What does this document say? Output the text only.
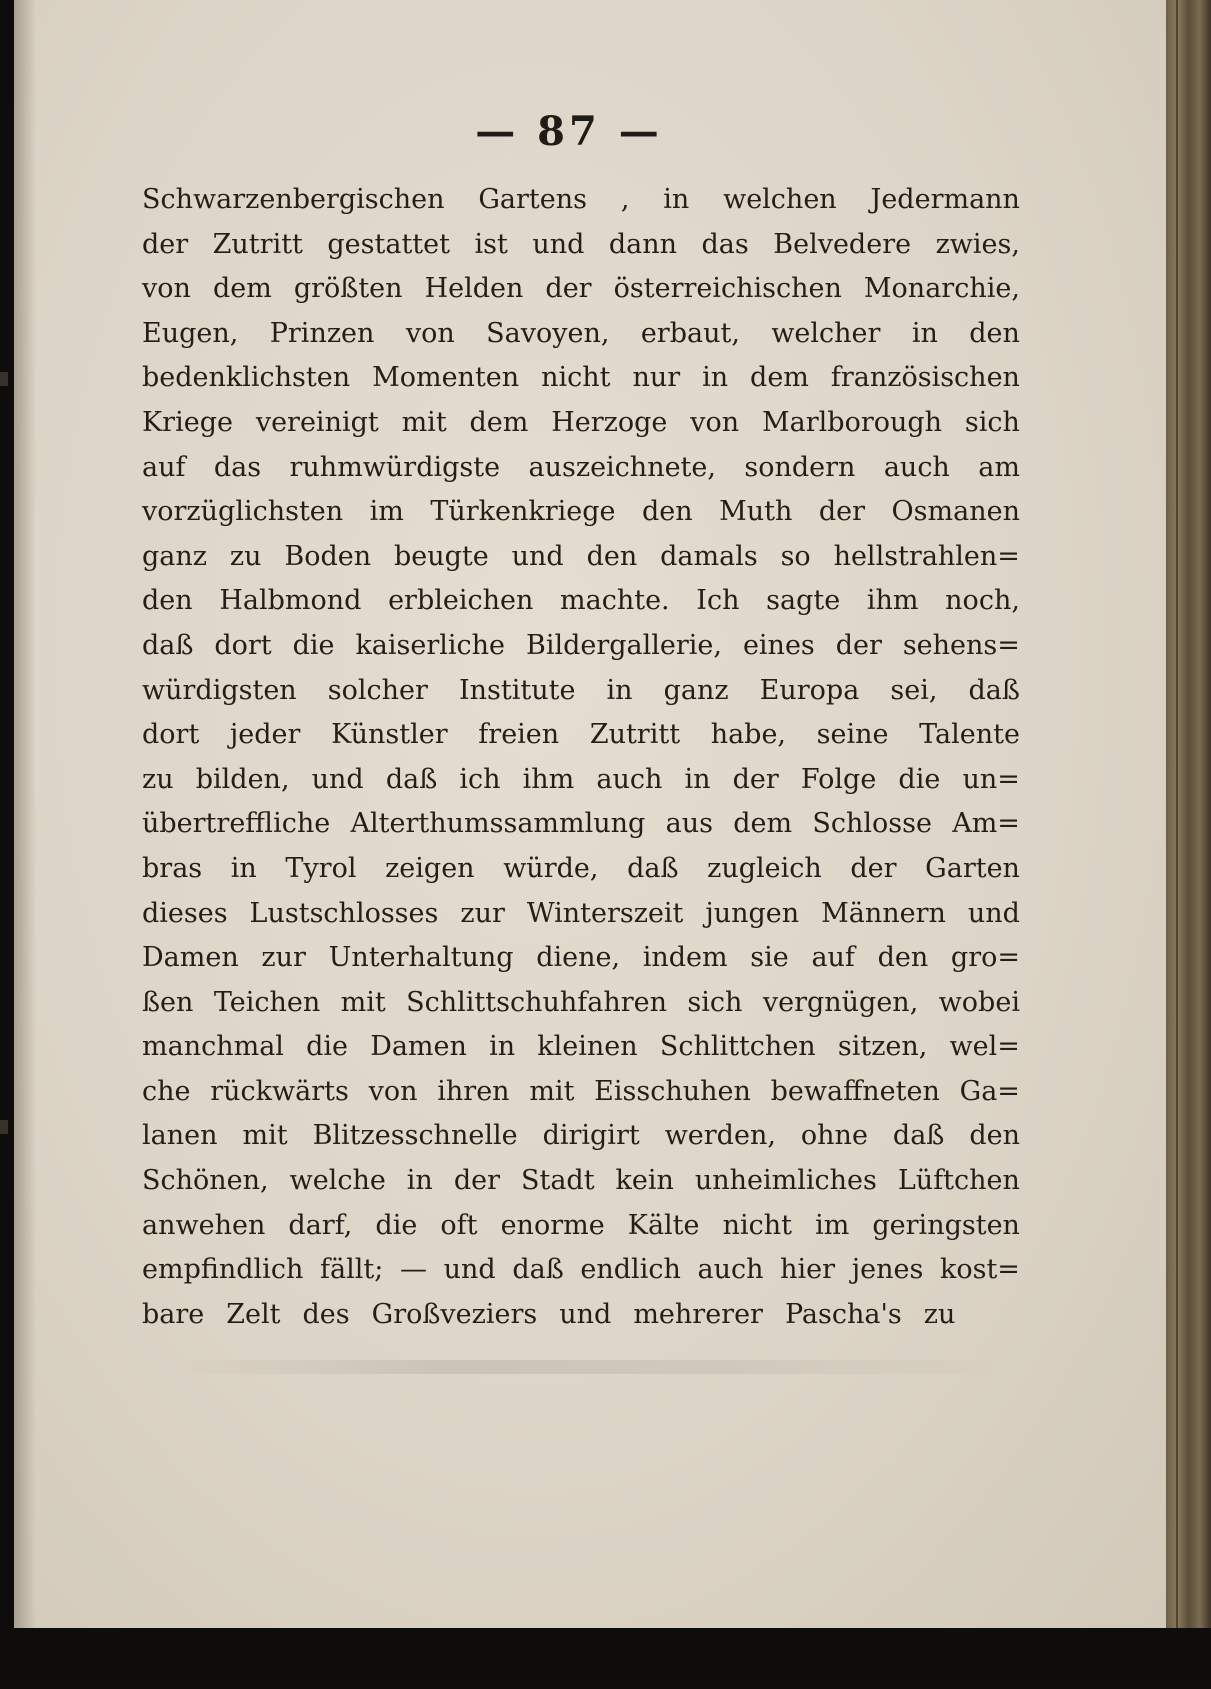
— 87 —
Schwarzenbergischen Gartens , in welchen Jedermann
der Zutritt gestattet ist und dann das Belvedere zwies,
von dem größten Helden der österreichischen Monarchie,
Eugen, Prinzen von Savoyen, erbaut, welcher in den
bedenklichsten Momenten nicht nur in dem französischen
Kriege vereinigt mit dem Herzoge von Marlborough sich
auf das ruhmwürdigste auszeichnete, sondern auch am
vorzüglichsten im Türkenkriege den Muth der Osmanen
ganz zu Boden beugte und den damals so hellstrahlen=
den Halbmond erbleichen machte. Ich sagte ihm noch,
daß dort die kaiserliche Bildergallerie, eines der sehens=
würdigsten solcher Institute in ganz Europa sei, daß
dort jeder Künstler freien Zutritt habe, seine Talente
zu bilden, und daß ich ihm auch in der Folge die un=
übertreffliche Alterthumssammlung aus dem Schlosse Am=
bras in Tyrol zeigen würde, daß zugleich der Garten
dieses Lustschlosses zur Winterszeit jungen Männern und
Damen zur Unterhaltung diene, indem sie auf den gro=
ßen Teichen mit Schlittschuhfahren sich vergnügen, wobei
manchmal die Damen in kleinen Schlittchen sitzen, wel=
che rückwärts von ihren mit Eisschuhen bewaffneten Ga=
lanen mit Blitzesschnelle dirigirt werden, ohne daß den
Schönen, welche in der Stadt kein unheimliches Lüftchen
anwehen darf, die oft enorme Kälte nicht im geringsten
empfindlich fällt; — und daß endlich auch hier jenes kost=
bare Zelt des Großveziers und mehrerer Pascha's zu
